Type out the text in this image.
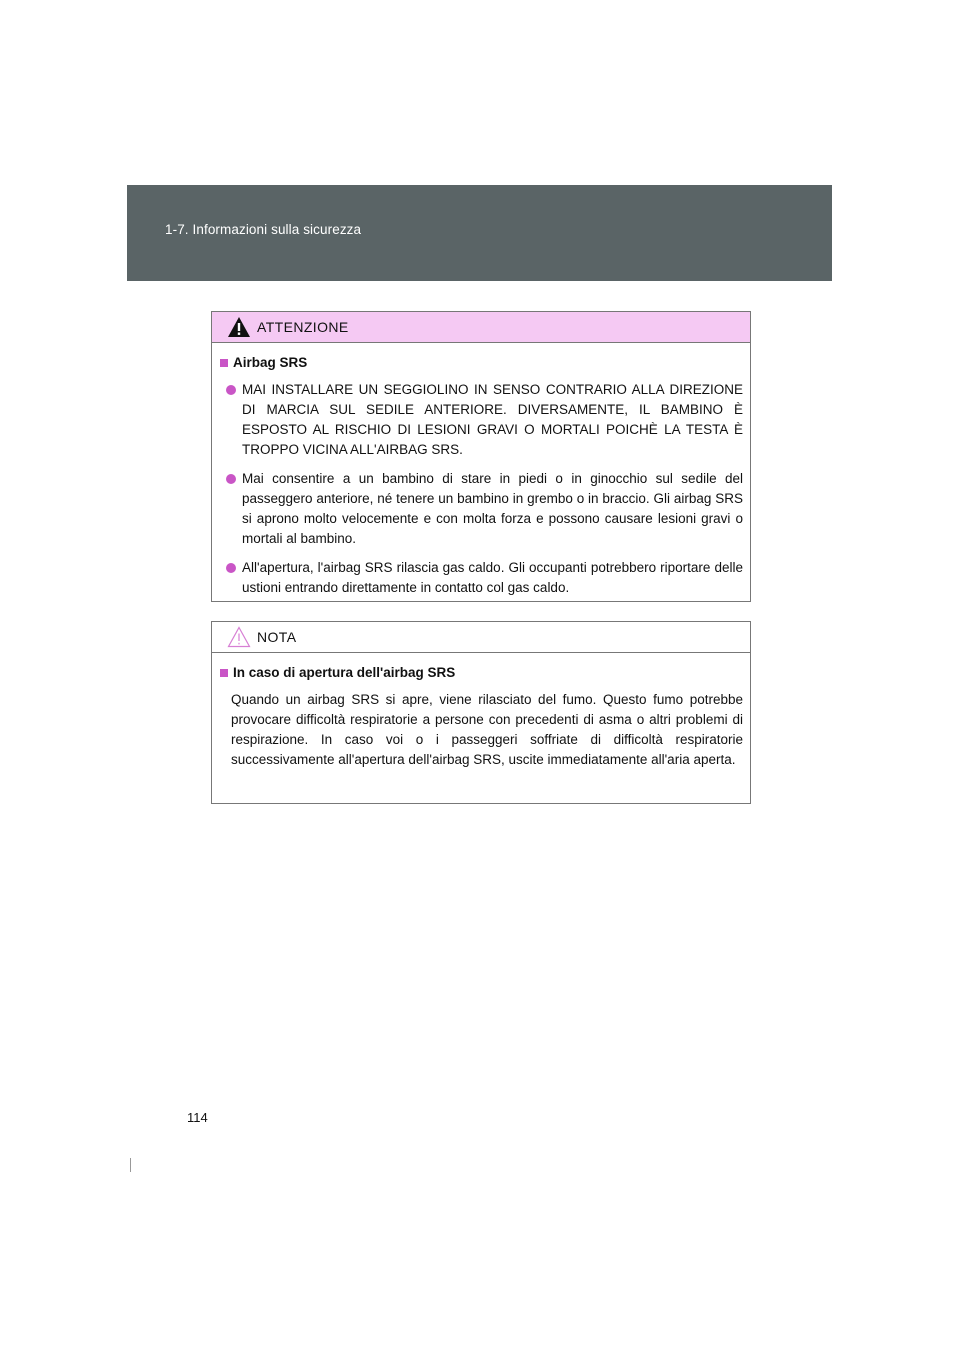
1-7. Informazioni sulla sicurezza
ATTENZIONE
Airbag SRS
MAI INSTALLARE UN SEGGIOLINO IN SENSO CONTRARIO ALLA DIREZIONE DI MARCIA SUL SEDILE ANTERIORE. DIVERSAMENTE, IL BAMBINO È ESPOSTO AL RISCHIO DI LESIONI GRAVI O MORTALI POICHÈ LA TESTA È TROPPO VICINA ALL'AIRBAG SRS.
Mai consentire a un bambino di stare in piedi o in ginocchio sul sedile del passeggero anteriore, né tenere un bambino in grembo o in braccio. Gli airbag SRS si aprono molto velocemente e con molta forza e possono causare lesioni gravi o mortali al bambino.
All'apertura, l'airbag SRS rilascia gas caldo. Gli occupanti potrebbero riportare delle ustioni entrando direttamente in contatto col gas caldo.
NOTA
In caso di apertura dell'airbag SRS
Quando un airbag SRS si apre, viene rilasciato del fumo. Questo fumo potrebbe provocare difficoltà respiratorie a persone con precedenti di asma o altri problemi di respirazione. In caso voi o i passeggeri soffriate di difficoltà respiratorie successivamente all'apertura dell'airbag SRS, uscite immediatamente all'aria aperta.
114
